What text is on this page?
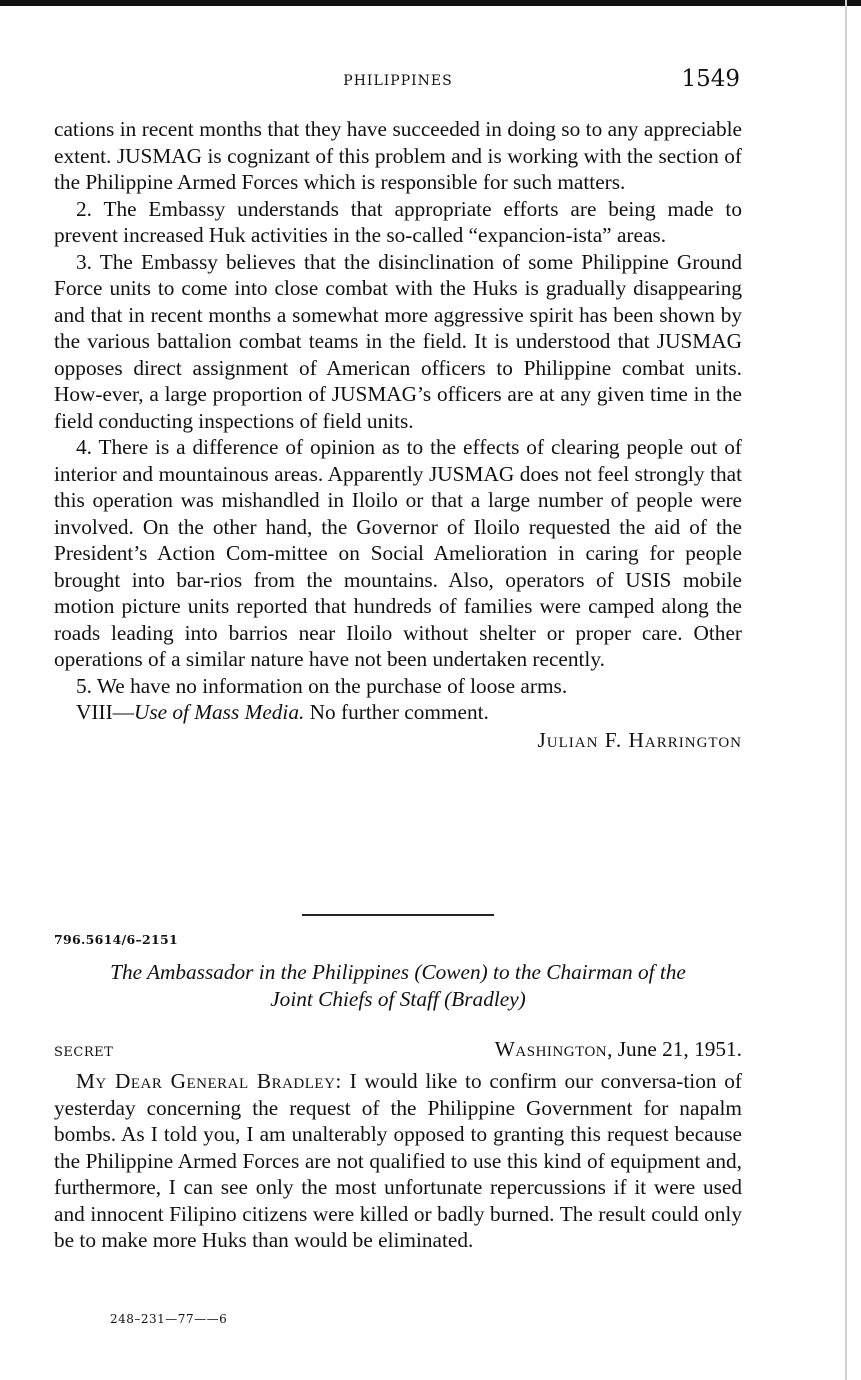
PHILIPPINES	1549

cations in recent months that they have succeeded in doing so to any appreciable extent. JUSMAG is cognizant of this problem and is working with the section of the Philippine Armed Forces which is responsible for such matters.

2. The Embassy understands that appropriate efforts are being made to prevent increased Huk activities in the so-called “expancion-ista” areas.

3. The Embassy believes that the disinclination of some Philippine Ground Force units to come into close combat with the Huks is gradually disappearing and that in recent months a somewhat more aggressive spirit has been shown by the various battalion combat teams in the field. It is understood that JUSMAG opposes direct assignment of American officers to Philippine combat units. How-ever, a large proportion of JUSMAG’s officers are at any given time in the field conducting inspections of field units.

4. There is a difference of opinion as to the effects of clearing people out of interior and mountainous areas. Apparently JUSMAG does not feel strongly that this operation was mishandled in Iloilo or that a large number of people were involved. On the other hand, the Governor of Iloilo requested the aid of the President’s Action Com-mittee on Social Amelioration in caring for people brought into bar-rios from the mountains. Also, operators of USIS mobile motion picture units reported that hundreds of families were camped along the roads leading into barrios near Iloilo without shelter or proper care. Other operations of a similar nature have not been undertaken recently.

5. We have no information on the purchase of loose arms.

VIII—Use of Mass Media. No further comment.

Julian F. Harrington

796.5614/6–2151
The Ambassador in the Philippines (Cowen) to the Chairman of the
Joint Chiefs of Staff (Bradley)
SECRET	Washington, June 21, 1951.

My Dear General Bradley: I would like to confirm our conversa-tion of yesterday concerning the request of the Philippine Government for napalm bombs. As I told you, I am unalterably opposed to granting this request because the Philippine Armed Forces are not qualified to use this kind of equipment and, furthermore, I can see only the most unfortunate repercussions if it were used and innocent Filipino citizens were killed or badly burned. The result could only be to make more Huks than would be eliminated.

248–231—77——6
